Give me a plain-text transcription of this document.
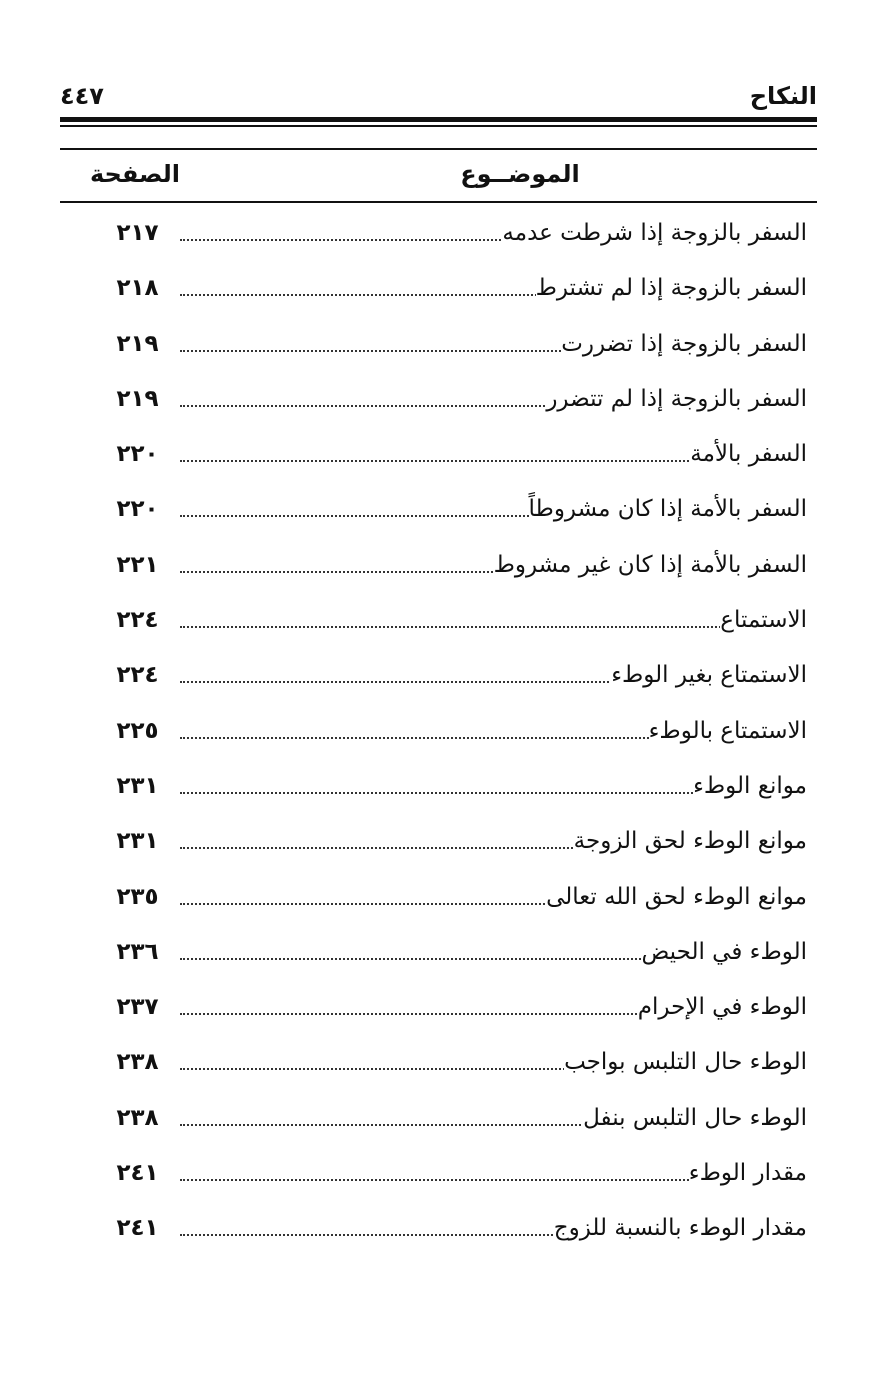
النكاح
٤٤٧
الموضــوع
الصفحة
السفر بالزوجة إذا شرطت عدمه
٢١٧
السفر بالزوجة إذا لم تشترط
٢١٨
السفر بالزوجة إذا تضررت
٢١٩
السفر بالزوجة إذا لم تتضرر
٢١٩
السفر بالأمة
٢٢٠
السفر بالأمة إذا كان مشروطاً
٢٢٠
السفر بالأمة إذا كان غير مشروط
٢٢١
الاستمتاع
٢٢٤
الاستمتاع بغير الوطء
٢٢٤
الاستمتاع بالوطء
٢٢٥
موانع الوطء
٢٣١
موانع الوطء لحق الزوجة
٢٣١
موانع الوطء لحق الله تعالى
٢٣٥
الوطء في الحيض
٢٣٦
الوطء في الإحرام
٢٣٧
الوطء حال التلبس بواجب
٢٣٨
الوطء حال التلبس بنفل
٢٣٨
مقدار الوطء
٢٤١
مقدار الوطء بالنسبة للزوج
٢٤١
